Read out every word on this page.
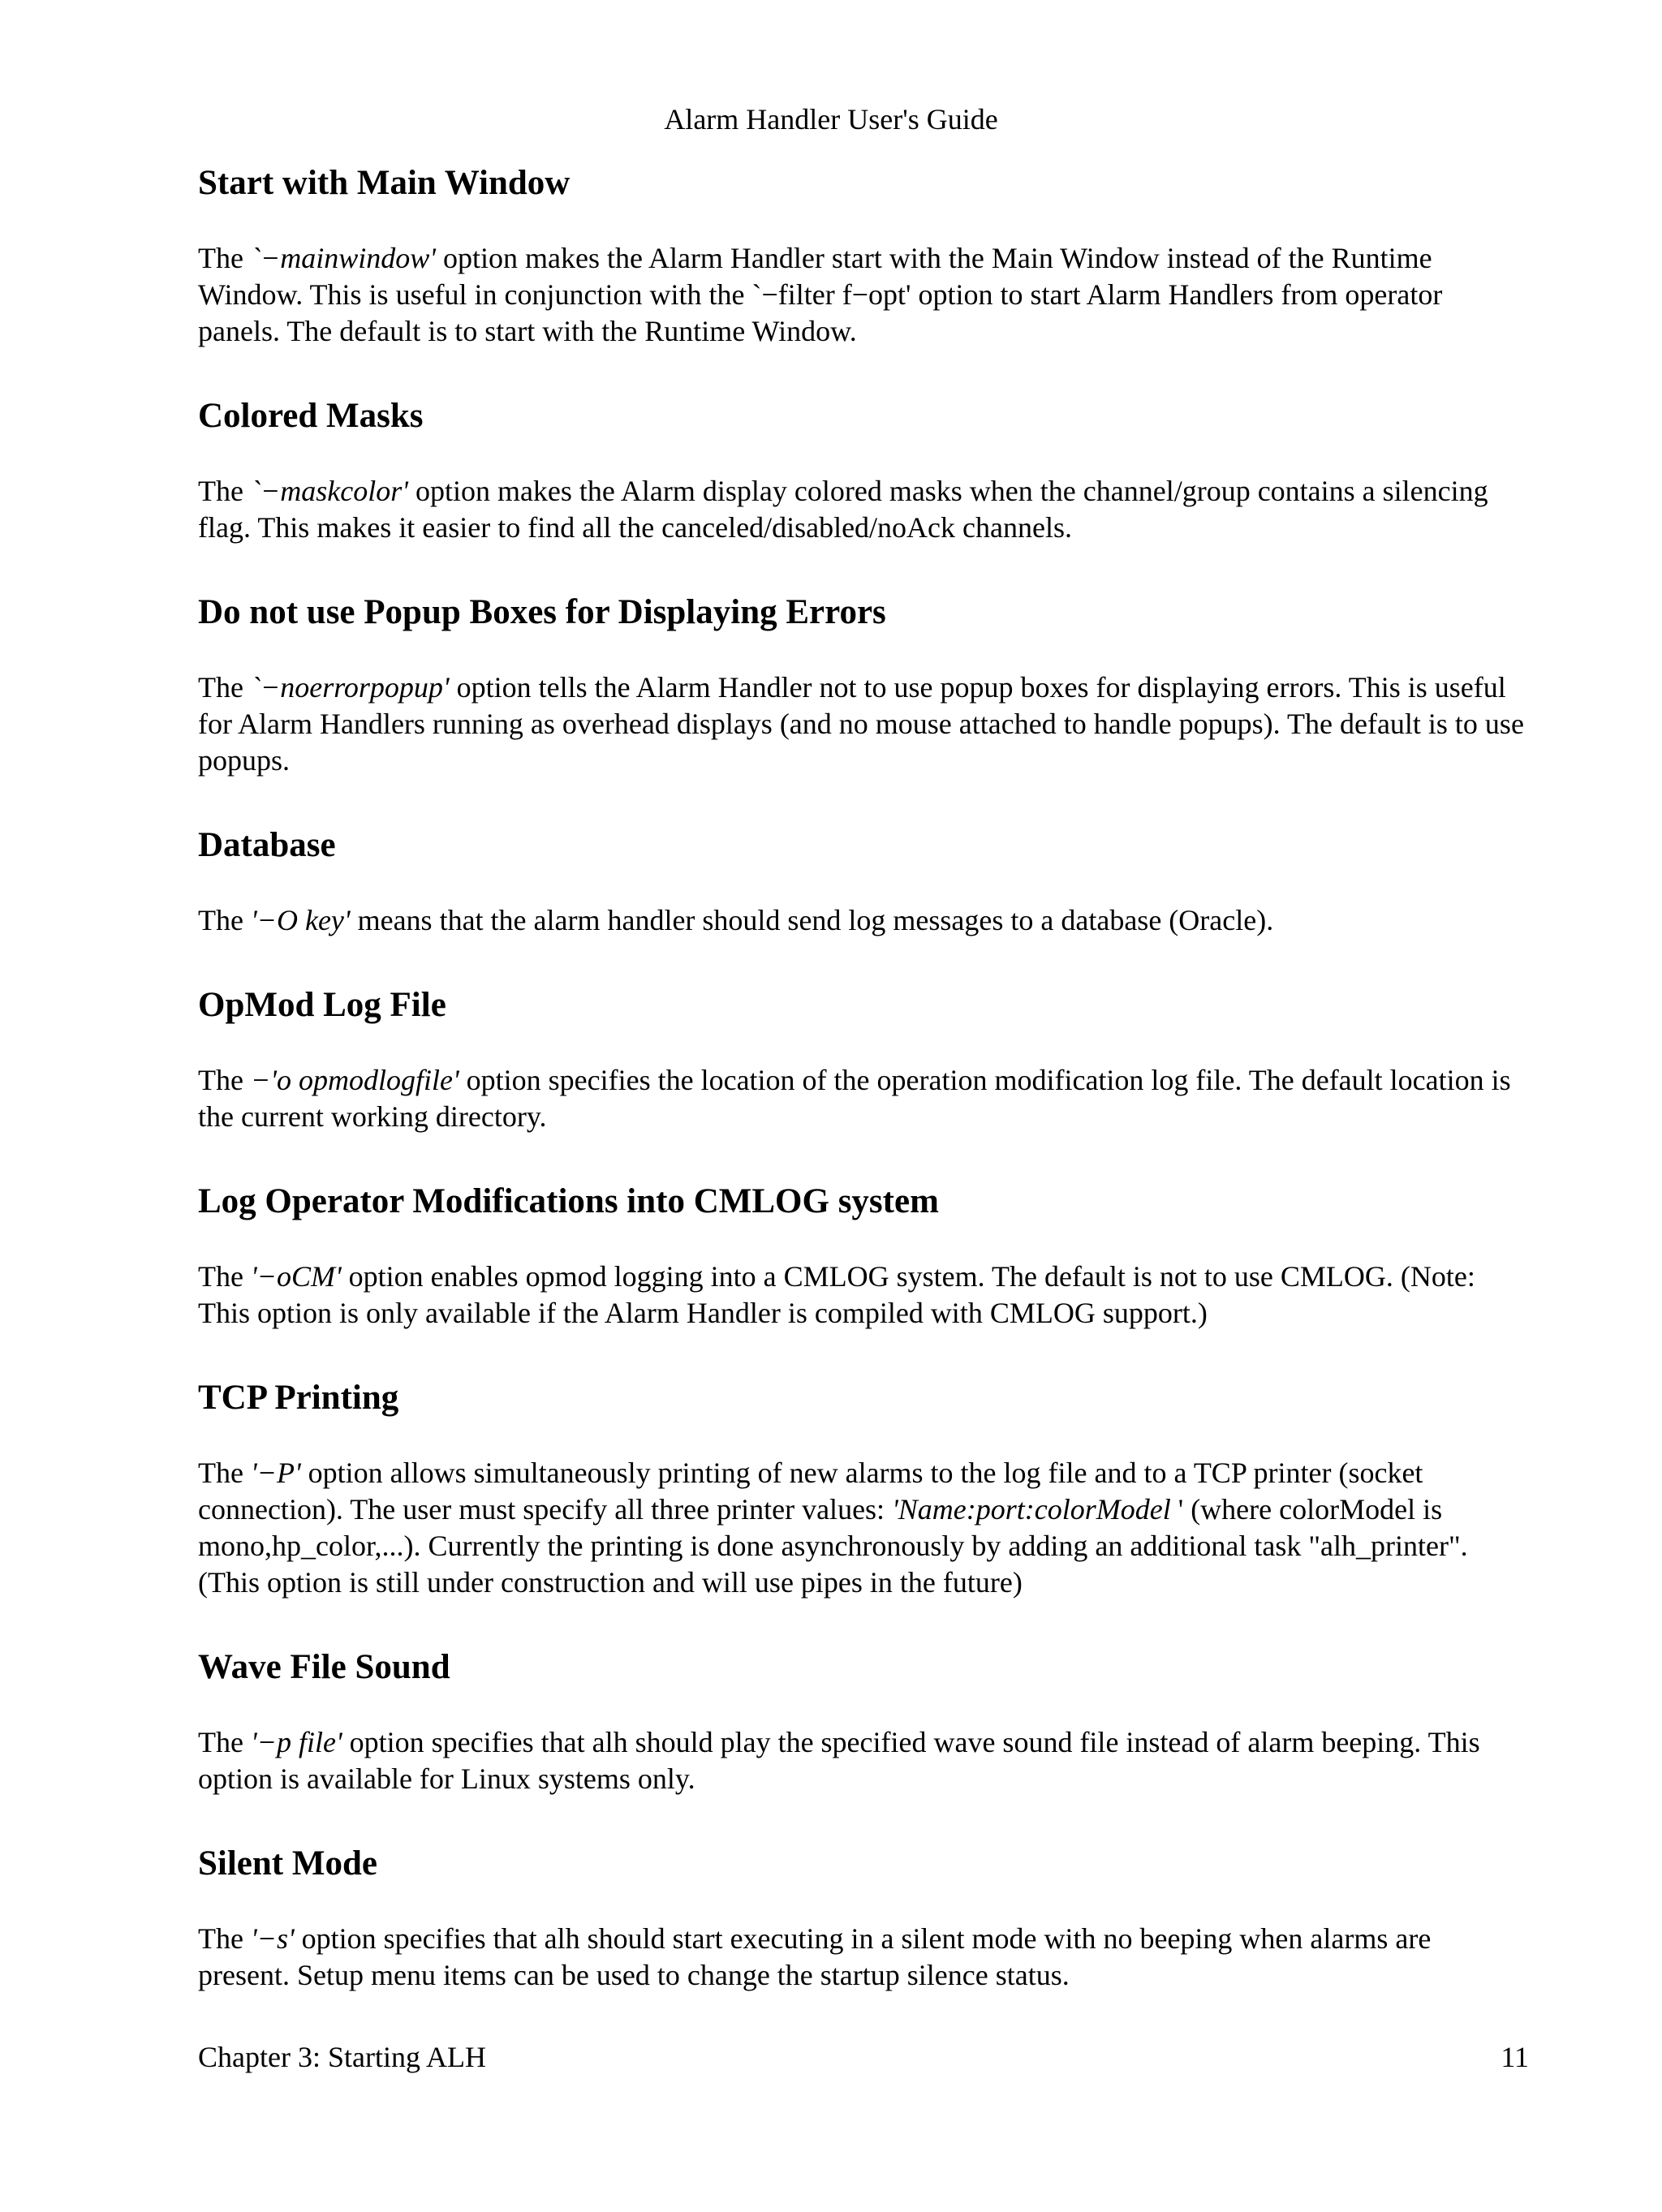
Alarm Handler User's Guide
Start with Main Window

The `−mainwindow' option makes the Alarm Handler start with the Main Window instead of the Runtime Window. This is useful in conjunction with the `−filter f−opt' option to start Alarm Handlers from operator panels. The default is to start with the Runtime Window.

Colored Masks

The `−maskcolor' option makes the Alarm display colored masks when the channel/group contains a silencing flag. This makes it easier to find all the canceled/disabled/noAck channels.

Do not use Popup Boxes for Displaying Errors

The `−noerrorpopup' option tells the Alarm Handler not to use popup boxes for displaying errors. This is useful for Alarm Handlers running as overhead displays (and no mouse attached to handle popups). The default is to use popups.

Database

The '−O key' means that the alarm handler should send log messages to a database (Oracle).

OpMod Log File

The −'o opmodlogfile' option specifies the location of the operation modification log file. The default location is the current working directory.

Log Operator Modifications into CMLOG system

The '−oCM' option enables opmod logging into a CMLOG system. The default is not to use CMLOG. (Note: This option is only available if the Alarm Handler is compiled with CMLOG support.)

TCP Printing

The '−P' option allows simultaneously printing of new alarms to the log file and to a TCP printer (socket connection). The user must specify all three printer values: 'Name:port:colorModel ' (where colorModel is mono,hp_color,...). Currently the printing is done asynchronously by adding an additional task "alh_printer". (This option is still under construction and will use pipes in the future)

Wave File Sound

The '−p file' option specifies that alh should play the specified wave sound file instead of alarm beeping. This option is available for Linux systems only.

Silent Mode

The '−s' option specifies that alh should start executing in a silent mode with no beeping when alarms are present. Setup menu items can be used to change the startup silence status.

Chapter 3: Starting ALH	11
